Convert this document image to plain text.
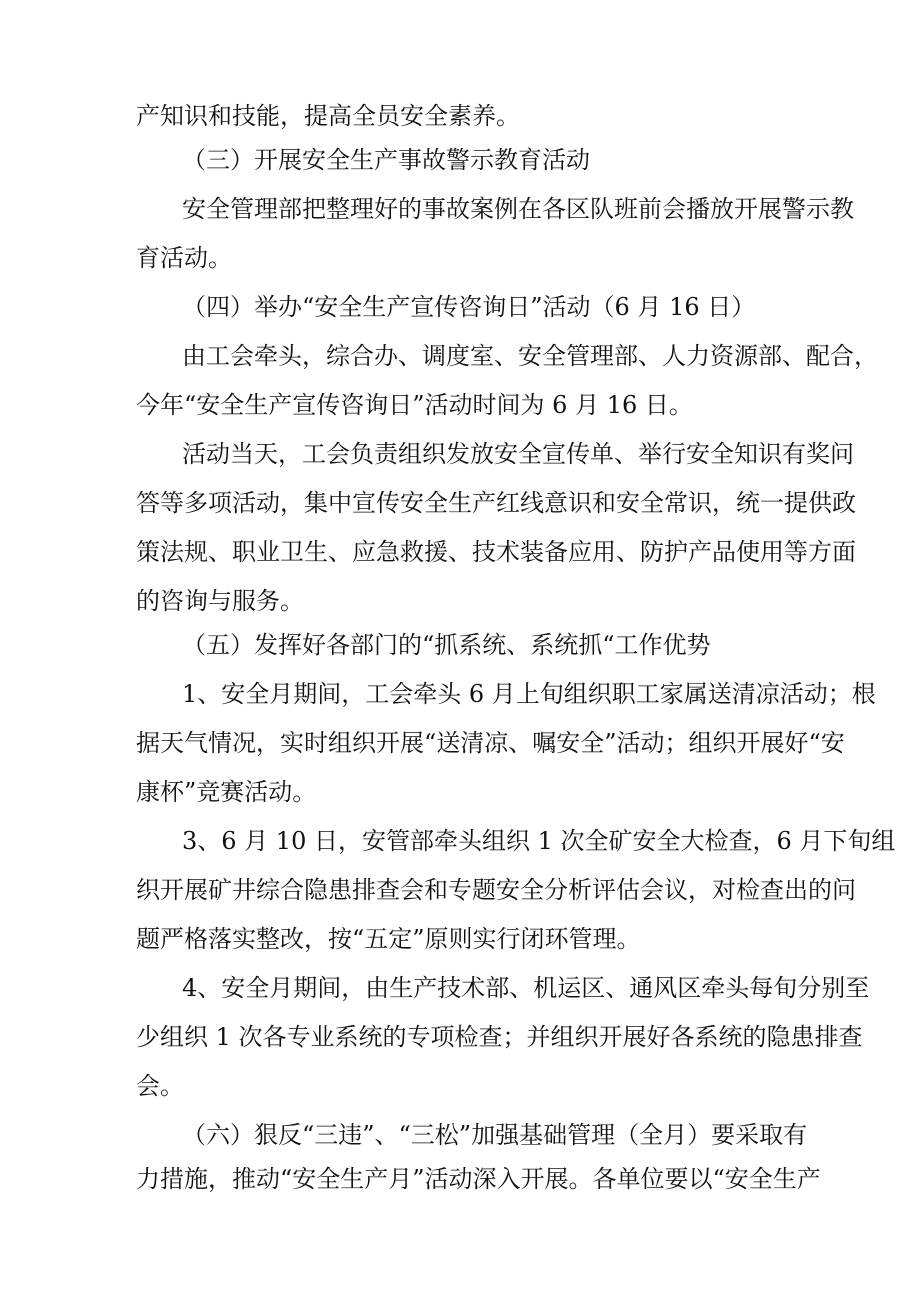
产知识和技能，提高全员安全素养。
（三）开展安全生产事故警示教育活动
安全管理部把整理好的事故案例在各区队班前会播放开展警示教
育活动。
（四）举办“安全生产宣传咨询日”活动（6 月 16 日）
由工会牵头，综合办、调度室、安全管理部、人力资源部、配合，
今年“安全生产宣传咨询日”活动时间为 6 月 16 日。
活动当天，工会负责组织发放安全宣传单、举行安全知识有奖问
答等多项活动，集中宣传安全生产红线意识和安全常识，统一提供政
策法规、职业卫生、应急救援、技术装备应用、防护产品使用等方面
的咨询与服务。
（五）发挥好各部门的“抓系统、系统抓“工作优势
1、安全月期间，工会牵头 6 月上旬组织职工家属送清凉活动；根
据天气情况，实时组织开展“送清凉、嘱安全”活动；组织开展好“安
康杯”竞赛活动。
3、6 月 10 日，安管部牵头组织 1 次全矿安全大检查，6 月下旬组
织开展矿井综合隐患排查会和专题安全分析评估会议，对检查出的问
题严格落实整改，按“五定”原则实行闭环管理。
4、安全月期间，由生产技术部、机运区、通风区牵头每旬分别至
少组织 1 次各专业系统的专项检查；并组织开展好各系统的隐患排查
会。
（六）狠反“三违”、“三松”加强基础管理（全月）要采取有
力措施，推动“安全生产月”活动深入开展。各单位要以“安全生产
